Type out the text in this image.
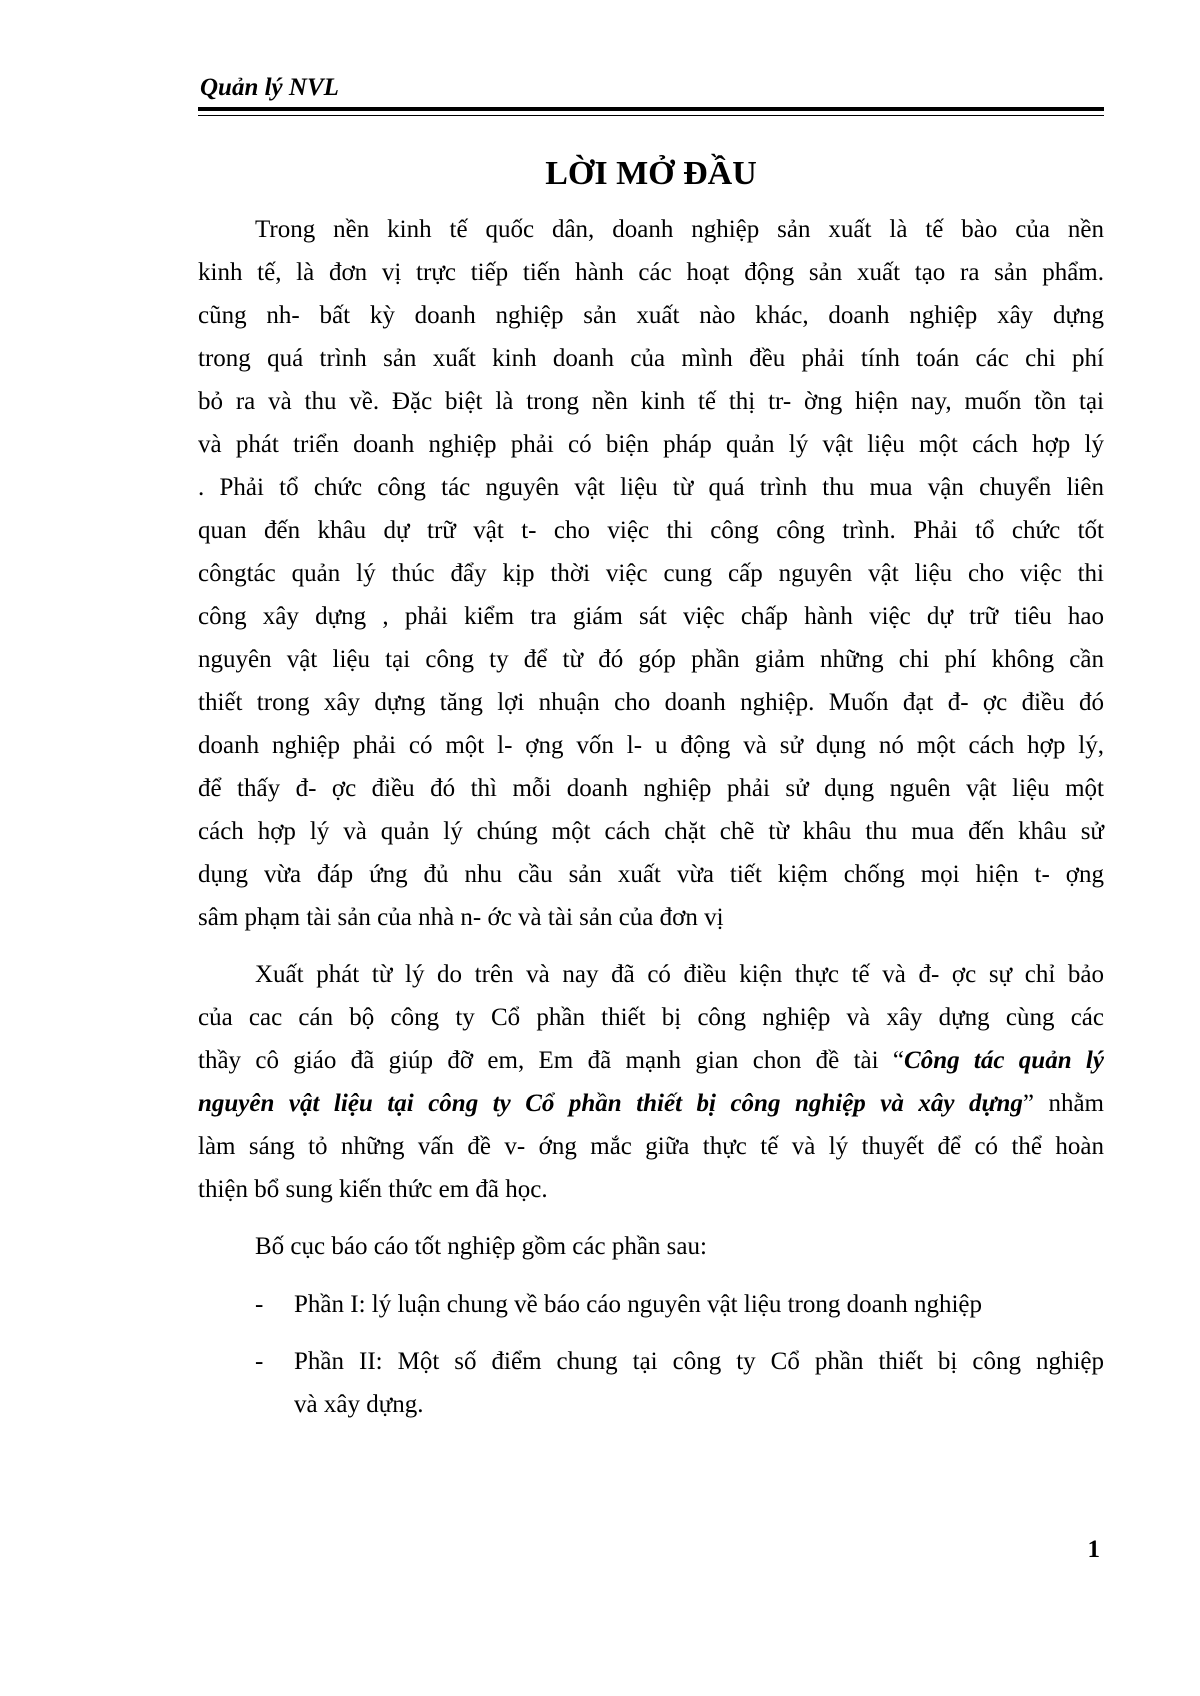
Quản lý NVL
LỜI MỞ ĐẦU
Trong nền kinh tế quốc dân, doanh nghiệp sản xuất là tế bào của nền
kinh tế, là đơn vị trực tiếp tiến hành các hoạt động sản xuất tạo ra sản phẩm.
cũng nh- bất kỳ doanh nghiệp sản xuất nào khác, doanh nghiệp xây dựng
trong quá trình sản xuất kinh doanh của mình đều phải tính toán các chi phí
bỏ ra và thu về. Đặc biệt là trong nền kinh tế thị tr- ờng hiện nay, muốn tồn tại
và phát triển doanh nghiệp phải có biện pháp quản lý vật liệu một cách hợp lý
. Phải tổ chức công tác nguyên vật liệu từ quá trình thu mua vận chuyển liên
quan đến khâu dự trữ vật t- cho việc thi công công trình. Phải tổ chức tốt
côngtác quản lý thúc đẩy kịp thời việc cung cấp nguyên vật liệu cho việc thi
công xây dựng , phải kiểm tra giám sát việc chấp hành việc dự trữ tiêu hao
nguyên vật liệu tại công ty để từ đó góp phần giảm những chi phí không cần
thiết trong xây dựng tăng lợi nhuận cho doanh nghiệp. Muốn đạt đ- ợc điều đó
doanh nghiệp phải có một l- ợng vốn l- u động và sử dụng nó một cách hợp lý,
để thấy đ- ợc điều đó thì mỗi doanh nghiệp phải sử dụng nguên vật liệu một
cách hợp lý và quản lý chúng một cách chặt chẽ từ khâu thu mua đến khâu sử
dụng vừa đáp ứng đủ nhu cầu sản xuất vừa tiết kiệm chống mọi hiện t- ợng
sâm phạm tài sản của nhà n- ớc và tài sản của đơn vị
Xuất phát từ lý do trên và nay đã có điều kiện thực tế và đ- ợc sự chỉ bảo
của cac cán bộ công ty Cổ phần thiết bị công nghiệp và xây dựng cùng các
thầy cô giáo đã giúp đỡ em, Em đã mạnh gian chon đề tài “Công tác quản lý
nguyên vật liệu tại công ty Cổ phần thiết bị công nghiệp và xây dựng” nhằm
làm sáng tỏ những vấn đề v- ớng mắc giữa thực tế và lý thuyết để có thể hoàn
thiện bổ sung kiến thức em đã học.
Bố cục báo cáo tốt nghiệp gồm các phần sau:
- Phần I: lý luận chung về báo cáo nguyên vật liệu trong doanh nghiệp
- Phần II: Một số điểm chung tại công ty Cổ phần thiết bị công nghiệp
và xây dựng.
1
